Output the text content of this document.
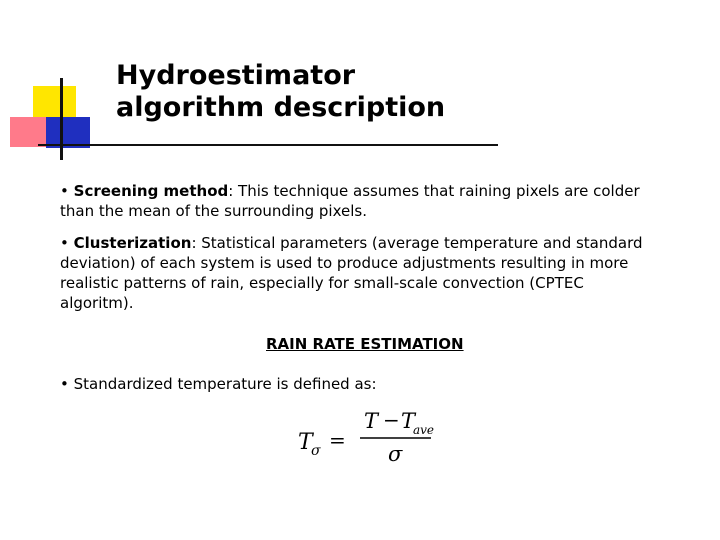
Hydroestimator
algorithm description

• Screening method: This technique assumes that raining pixels are colder than the mean of the surrounding pixels.

• Clusterization: Statistical parameters (average temperature and standard deviation) of each system is used to produce adjustments resulting in more realistic patterns of rain, especially for small-scale convection (CPTEC algoritm).

RAIN RATE ESTIMATION

• Standardized temperature is defined as:

T
σ =
T − T
ave
σ
